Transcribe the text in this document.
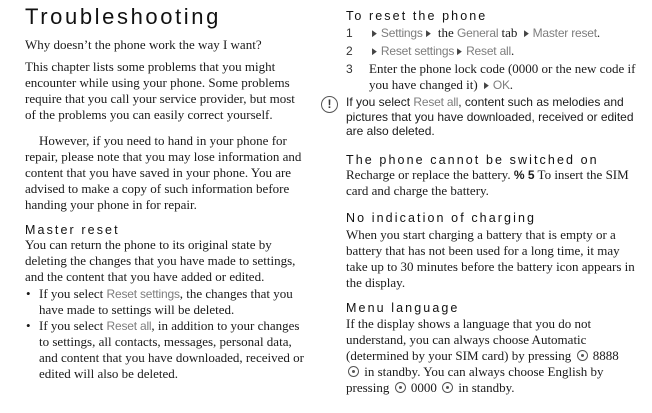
Troubleshooting

Why doesn’t the phone work the way I want?

This chapter lists some problems that you might encounter while using your phone. Some problems require that you call your service provider, but most of the problems you can easily correct yourself.

However, if you need to hand in your phone for repair, please note that you may lose information and content that you have saved in your phone. You are advised to make a copy of such information before handing your phone in for repair.

Master reset

You can return the phone to its original state by deleting the changes that you have made to settings, and the content that you have added or edited.

• If you select Reset settings, the changes that you have made to settings will be deleted.
• If you select Reset all, in addition to your changes to settings, all contacts, messages, personal data, and content that you have downloaded, received or edited will also be deleted.
To reset the phone
1 ▶ Settings ▶ the General tab ▶ Master reset.
2 ▶ Reset settings ▶ Reset all.
3 Enter the phone lock code (0000 or the new code if you have changed it) ▶ OK.
!	If you select Reset all, content such as melodies and pictures that you have downloaded, received or edited are also deleted.
The phone cannot be switched on

Recharge or replace the battery. % 5 To insert the SIM card and charge the battery.

No indication of charging

When you start charging a battery that is empty or a battery that has not been used for a long time, it may take up to 30 minutes before the battery icon appears in the display.

Menu language

If the display shows a language that you do not understand, you can always choose Automatic (determined by your SIM card) by pressing  8888  in standby. You can always choose English by pressing  0000  in standby.
